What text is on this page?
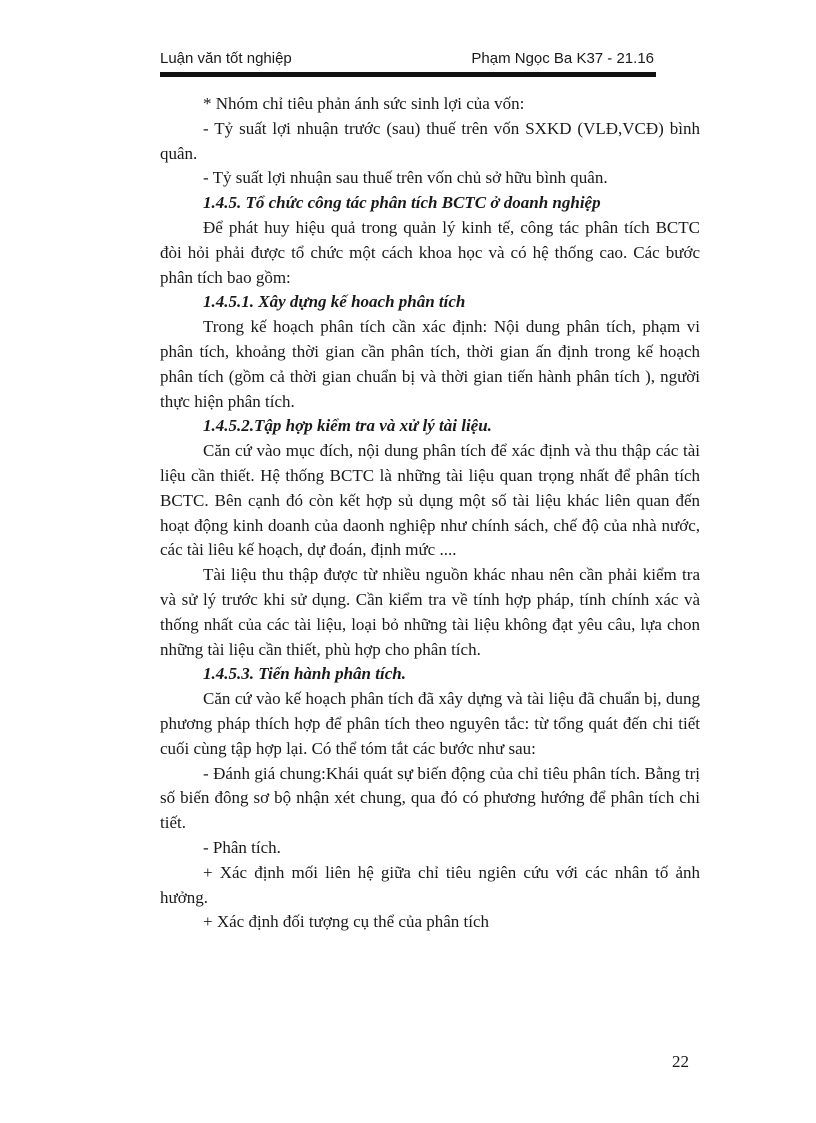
Luận văn tốt nghiệp	Phạm Ngọc Ba K37 - 21.16

* Nhóm chỉ tiêu phản ánh sức sinh lợi của vốn:

- Tỷ suất lợi nhuận trước (sau) thuế trên vốn SXKD (VLĐ,VCĐ) bình quân.

- Tỷ suất lợi nhuận sau thuế trên vốn chủ sở hữu bình quân.

1.4.5. Tổ chức công tác phân tích BCTC ở doanh nghiệp

Để phát huy hiệu quả trong quản lý kinh tế, công tác phân tích BCTC đòi hỏi phải được tổ chức một cách khoa học và có hệ thống cao. Các bước phân tích bao gồm:

1.4.5.1. Xây dựng kế hoach phân tích

Trong kế hoạch phân tích cần xác định: Nội dung phân tích, phạm vi phân tích, khoảng thời gian cần phân tích, thời gian ấn định trong kế hoạch phân tích (gồm cả thời gian chuẩn bị và thời gian tiến hành phân tích ), người thực hiện phân tích.

1.4.5.2.Tập hợp kiểm tra và xử lý tài liệu.

Căn cứ vào mục đích, nội dung phân tích để xác định và thu thập các tài liệu cần thiết. Hệ thống BCTC là những tài liệu quan trọng nhất để phân tích BCTC. Bên cạnh đó còn kết hợp sủ dụng một số tài liệu khác liên quan đến hoạt động kinh doanh của daonh nghiệp như chính sách, chế độ của nhà nước, các tài liêu kế hoạch, dự đoán, định mức ....

Tài liệu thu thập được từ nhiều nguồn khác nhau nên cần phải kiểm tra và sử lý trước khi sử dụng. Cần kiểm tra về tính hợp pháp, tính chính xác và thống nhất của các tài liệu, loại bỏ những tài liệu không đạt yêu câu, lựa chon những tài liệu cần thiết, phù hợp cho phân tích.

1.4.5.3. Tiến hành phân tích.

Căn cứ vào kế hoạch phân tích đã xây dựng và tài liệu đã chuẩn bị, dung phương pháp thích hợp để phân tích theo nguyên tắc: từ tổng quát đến chi tiết cuối cùng tập hợp lại. Có thể tóm tắt các bước như sau:

- Đánh giá chung:Khái quát sự biến động của chỉ tiêu phân tích. Bằng trị số biến đông sơ bộ nhận xét chung, qua đó có phương hướng để phân tích chi tiết.

- Phân tích.

+ Xác định mối liên hệ giữa chỉ tiêu ngiên cứu với các nhân tố ảnh hưởng.

+ Xác định đối tượng cụ thể của phân tích

22
